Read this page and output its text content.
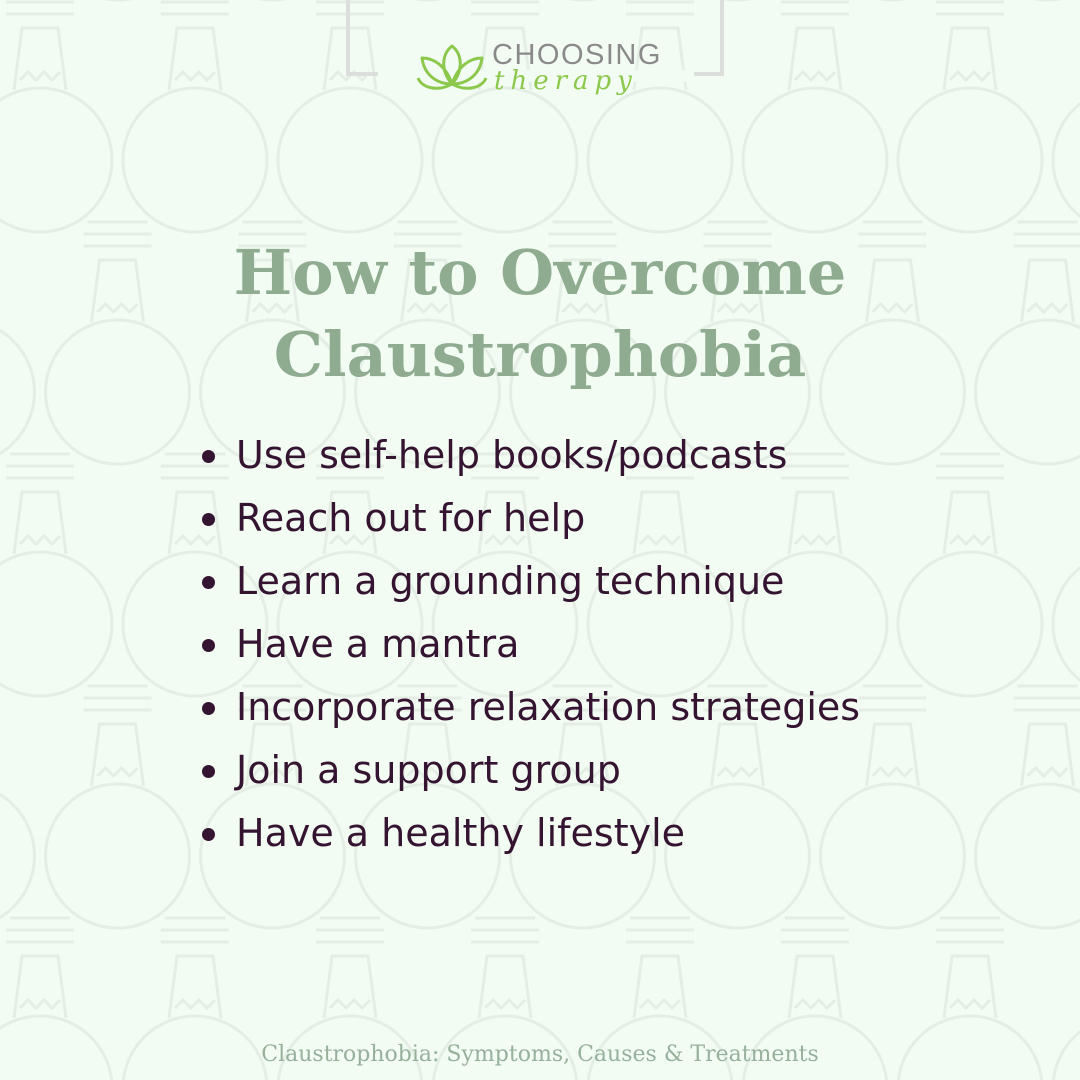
CHOOSING
therapy
How to Overcome
Claustrophobia
Use self-help books/podcasts
Reach out for help
Learn a grounding technique
Have a mantra
Incorporate relaxation strategies
Join a support group
Have a healthy lifestyle
Claustrophobia: Symptoms, Causes & Treatments
